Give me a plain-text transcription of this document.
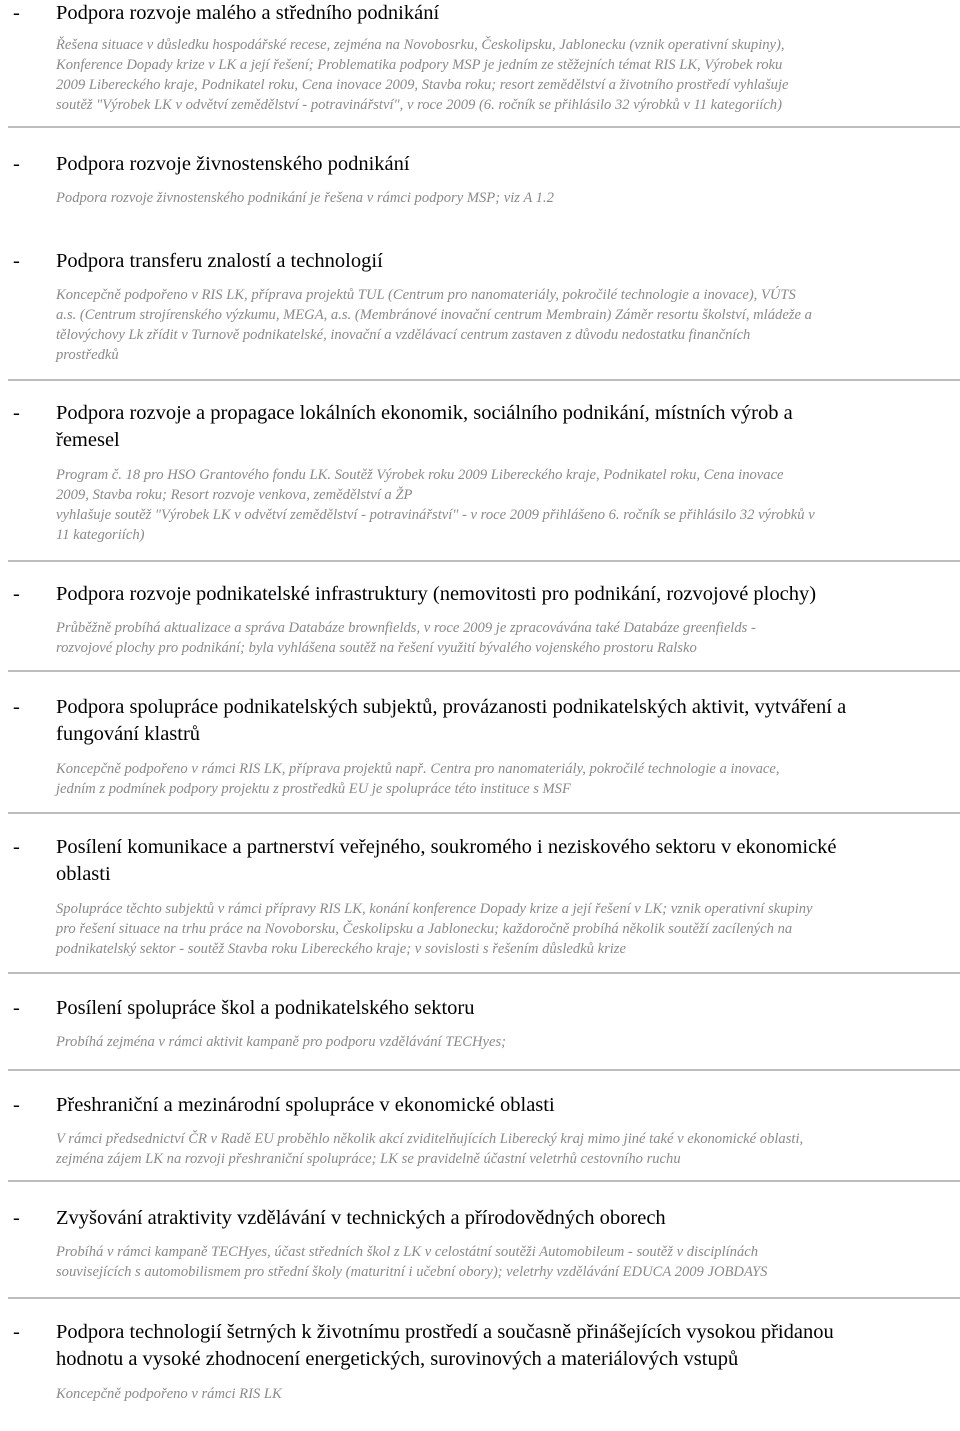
- Podpora rozvoje malého a středního podnikání

Řešena situace v důsledku hospodářské recese, zejména na Novobosrku, Českolipsku, Jablonecku (vznik operativní skupiny),
Konference Dopady krize v LK a její řešení; Problematika podpory MSP je jedním ze stěžejních témat RIS LK, Výrobek roku
2009 Libereckého kraje, Podnikatel roku, Cena inovace 2009, Stavba roku; resort zemědělství a životního prostředí vyhlašuje
soutěž "Výrobek LK v odvětví zemědělství - potravinářství", v roce 2009 (6. ročník se přihlásilo 32 výrobků v 11 kategoriích)

- Podpora rozvoje živnostenského podnikání

Podpora rozvoje živnostenského podnikání je řešena v rámci podpory MSP; viz A 1.2

- Podpora transferu znalostí a technologií

Koncepčně podpořeno v RIS LK, příprava projektů TUL (Centrum pro nanomateriály, pokročilé technologie a inovace), VÚTS
a.s. (Centrum strojírenského výzkumu, MEGA, a.s. (Membránové inovační centrum Membrain) Záměr resortu školství, mládeže a
tělovýchovy Lk zřídit v Turnově podnikatelské, inovační a vzdělávací centrum zastaven z důvodu nedostatku finančních
prostředků

- Podpora rozvoje a propagace lokálních ekonomik, sociálního podnikání, místních výrob a
řemesel

Program č. 18 pro HSO Grantového fondu LK. Soutěž Výrobek roku 2009 Libereckého kraje, Podnikatel roku, Cena inovace
2009, Stavba roku; Resort rozvoje venkova, zemědělství a ŽP
vyhlašuje soutěž "Výrobek LK v odvětví zemědělství - potravinářství" - v roce 2009 přihlášeno 6. ročník se přihlásilo 32 výrobků v
11 kategoriích)

- Podpora rozvoje podnikatelské infrastruktury (nemovitosti pro podnikání, rozvojové plochy)

Průběžně probíhá aktualizace a správa Databáze brownfields, v roce 2009 je zpracovávána také Databáze greenfields -
rozvojové plochy pro podnikání; byla vyhlášena soutěž na řešení využití bývalého vojenského prostoru Ralsko

- Podpora spolupráce podnikatelských subjektů, provázanosti podnikatelských aktivit, vytváření a
fungování klastrů

Koncepčně podpořeno v rámci RIS LK, příprava projektů např. Centra pro nanomateriály, pokročilé technologie a inovace,
jedním z podmínek podpory projektu z prostředků EU je spolupráce této instituce s MSF

- Posílení komunikace a partnerství veřejného, soukromého i neziskového sektoru v ekonomické
oblasti

Spolupráce těchto subjektů v rámci přípravy RIS LK, konání konference Dopady krize a její řešení v LK; vznik operativní skupiny
pro řešení situace na trhu práce na Novoborsku, Českolipsku a Jablonecku; každoročně probíhá několik soutěží zacílených na
podnikatelský sektor - soutěž Stavba roku Libereckého kraje; v sovislosti s řešením důsledků krize

- Posílení spolupráce škol a podnikatelského sektoru

Probíhá zejména v rámci aktivit kampaně pro podporu vzdělávání TECHyes;

- Přeshraniční a mezinárodní spolupráce v ekonomické oblasti

V rámci předsednictví ČR v Radě EU proběhlo několik akcí zviditelňujících Liberecký kraj mimo jiné také v ekonomické oblasti,
zejména zájem LK na rozvoji přeshraniční spolupráce; LK se pravidelně účastní veletrhů cestovního ruchu

- Zvyšování atraktivity vzdělávání v technických a přírodovědných oborech

Probíhá v rámci kampaně TECHyes, účast středních škol z LK v celostátní soutěži Automobileum - soutěž v disciplínách
souvisejících s automobilismem pro střední školy (maturitní i učební obory); veletrhy vzdělávání EDUCA 2009 JOBDAYS

- Podpora technologií šetrných k životnímu prostředí a současně přinášejících vysokou přidanou
hodnotu a vysoké zhodnocení energetických, surovinových a materiálových vstupů

Koncepčně podpořeno v rámci RIS LK
